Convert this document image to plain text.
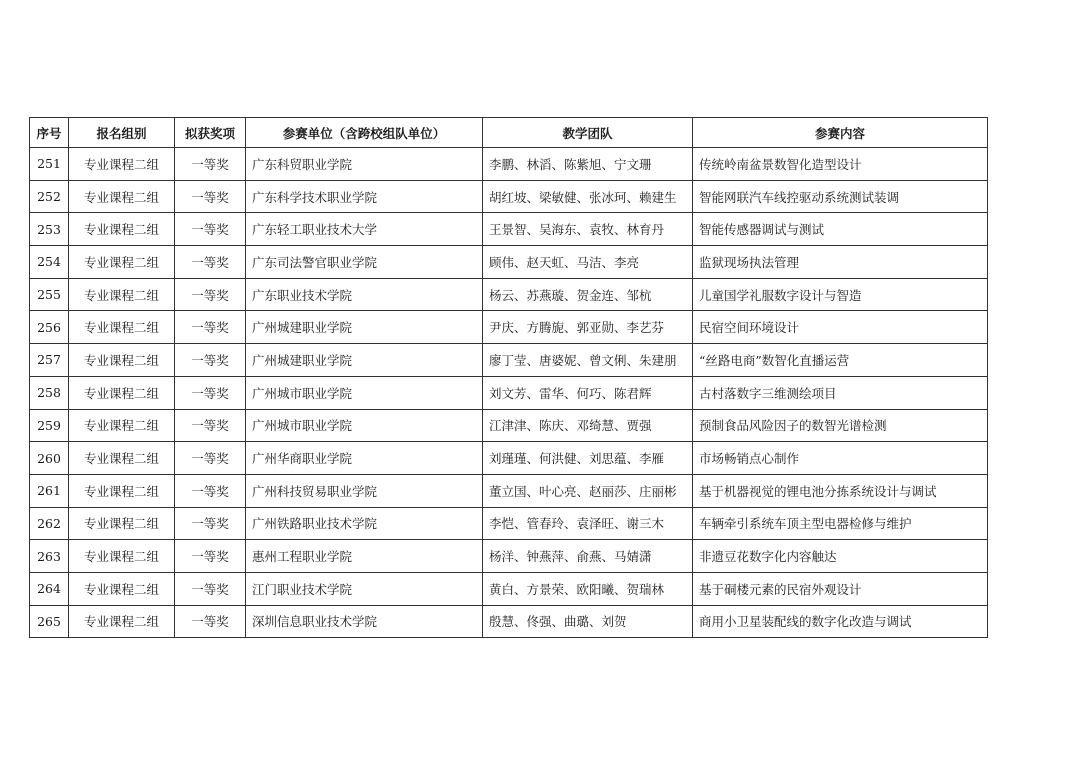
序号	报名组别	拟获奖项	参赛单位（含跨校组队单位）	教学团队	参赛内容
251	专业课程二组	一等奖	广东科贸职业学院	李鹏、林滔、陈紫旭、宁文珊	传统岭南盆景数智化造型设计
252	专业课程二组	一等奖	广东科学技术职业学院	胡红坡、梁敏健、张冰珂、赖建生	智能网联汽车线控驱动系统测试装调
253	专业课程二组	一等奖	广东轻工职业技术大学	王景智、吴海东、袁牧、林育丹	智能传感器调试与测试
254	专业课程二组	一等奖	广东司法警官职业学院	顾伟、赵天虹、马洁、李亮	监狱现场执法管理
255	专业课程二组	一等奖	广东职业技术学院	杨云、苏燕璇、贺金连、邹杭	儿童国学礼服数字设计与智造
256	专业课程二组	一等奖	广州城建职业学院	尹庆、方腾旎、郭亚勋、李艺芬	民宿空间环境设计
257	专业课程二组	一等奖	广州城建职业学院	廖丁莹、唐婆妮、曾文俐、朱建朋	“丝路电商”数智化直播运营
258	专业课程二组	一等奖	广州城市职业学院	刘文芳、雷华、何巧、陈君辉	古村落数字三维测绘项目
259	专业课程二组	一等奖	广州城市职业学院	江津津、陈庆、邓绮慧、贾强	预制食品风险因子的数智光谱检测
260	专业课程二组	一等奖	广州华商职业学院	刘瑾瑾、何洪健、刘思蕴、李雁	市场畅销点心制作
261	专业课程二组	一等奖	广州科技贸易职业学院	董立国、叶心亮、赵丽莎、庄丽彬	基于机器视觉的锂电池分拣系统设计与调试
262	专业课程二组	一等奖	广州铁路职业技术学院	李恺、管春玲、袁泽旺、谢三木	车辆牵引系统车顶主型电器检修与维护
263	专业课程二组	一等奖	惠州工程职业学院	杨洋、钟燕萍、俞燕、马婧潇	非遗豆花数字化内容触达
264	专业课程二组	一等奖	江门职业技术学院	黄白、方景荣、欧阳曦、贺瑞林	基于硐楼元素的民宿外观设计
265	专业课程二组	一等奖	深圳信息职业技术学院	殷慧、佟强、曲璐、刘贺	商用小卫星装配线的数字化改造与调试
